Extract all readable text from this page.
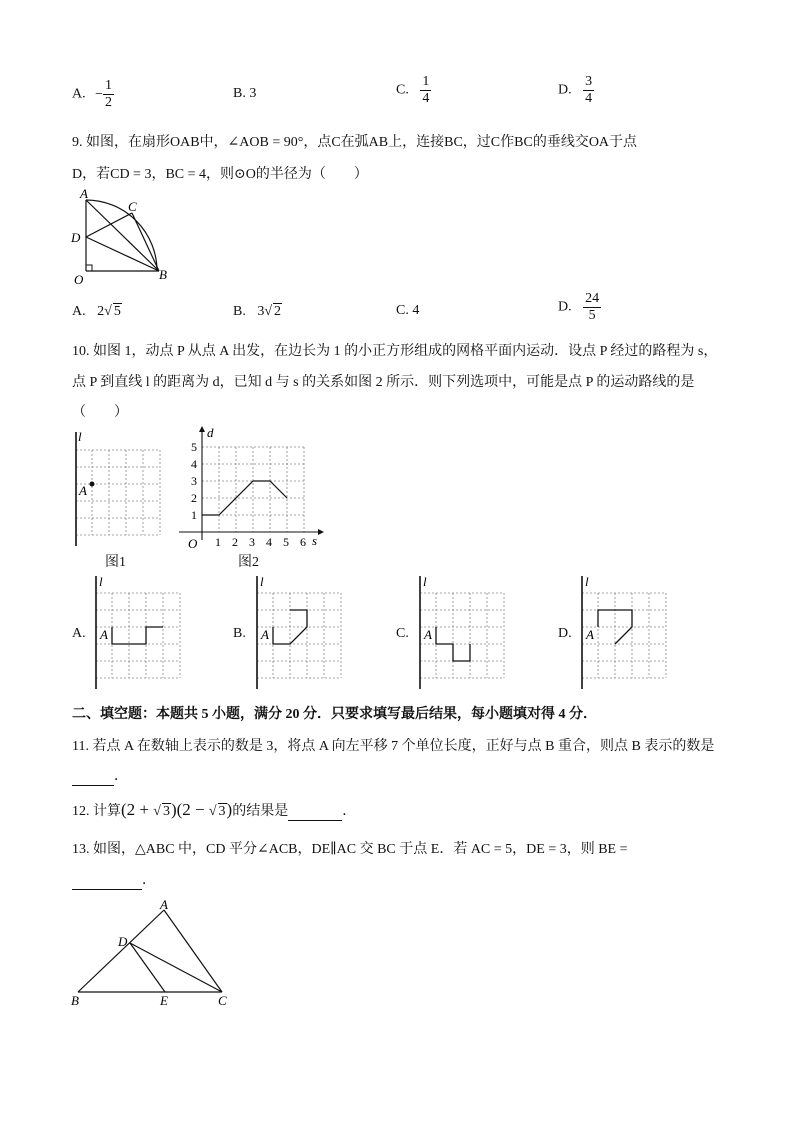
A. − $\frac{1}{2}$	B. 3	C. $\frac{1}{4}$	D. $\frac{3}{4}$
9. 如图，在扇形OAB中，∠AOB = 90°，点C在弧AB上，连接BC，过C作BC的垂线交OA于点
D，若CD = 3，BC = 4，则⊙O的半径为（　　）
A
C
D
O	B
A. 2√ 5	B. 3√ 2	C. 4	D. $\frac{24}{5}$
10. 如图 1，动点 P 从点 A 出发，在边长为 1 的小正方形组成的网格平面内运动．设点 P 经过的路程为 s，
点 P 到直线 l 的距离为 d，已知 d 与 s 的关系如图 2 所示．则下列选项中，可能是点 P 的运动路线的是
（　　）
l
A
图1
d
s
O 1 2 3 4 5 6
1
2
3
4
5
图2
A.
l
A	B.
l
A	C.
l
A	D.
l
A
二、填空题：本题共 5 小题，满分 20 分．只要求填写最后结果，每小题填对得 4 分．
11. 若点 A 在数轴上表示的数是 3，将点 A 向左平移 7 个单位长度，正好与点 B 重合，则点 B 表示的数是
．
12. 计算(2 + √ 3)(2 − √ 3)的结果是	．
13. 如图，△ABC 中，CD 平分∠ACB，DE∥AC 交 BC 于点 E．若 AC = 5，DE = 3，则 BE =
．
A
D
B	E	C
